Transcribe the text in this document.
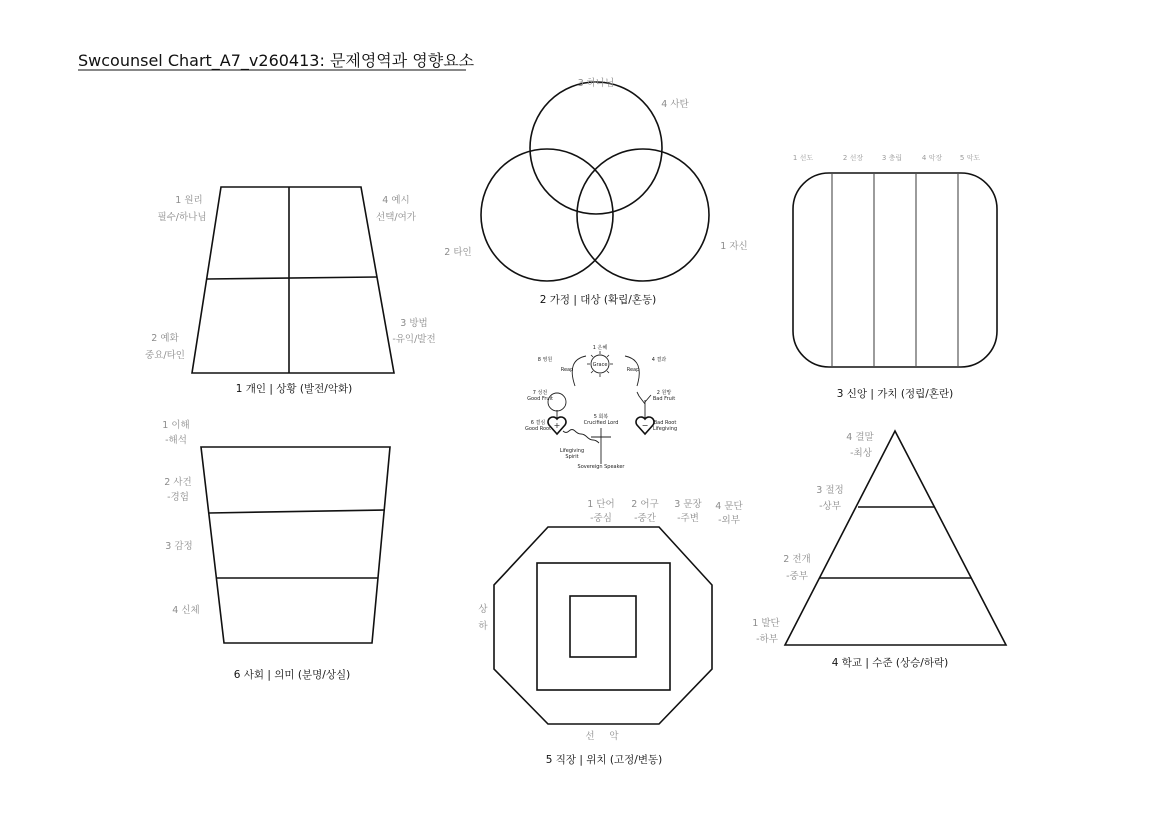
Swcounsel Chart_A7_v260413: 문제영역과 영향요소
1 원리
필수/하나님
4 예시
선택/여가
2 예화
중요/타인
3 방법
-유익/발전
1 개인 | 상황 (발전/악화)
3 하나님
4 사탄
2 타인
1 자신
2 가정 | 대상 (확립/혼동)
1 선도	2 선장	3 충립	4 악장	5 악도
3 신앙 | 가치 (정립/혼란)
1 은혜
Grace
8 영원
Reap
4 결과
Reap
7 성전
Good Fruit
2 원망
Bad Fruit
+	−
6 결심
Good Root
Bad Root
Lifegiving
5 회복
Crucified Lord
Lifegiving
Spirit
Sovereign Speaker
1 이해
-해석
2 사건
-경험
3 감정
4 신체
6 사회 | 의미 (분명/상실)
1 단어
-중심
2 어구
-중간
3 문장
-주변
4 문단
-외부
상
하
선 악
5 직장 | 위치 (고정/변동)
4 결말
-최상
3 절정
-상부
2 전개
-중부
1 발단
-하부
4 학교 | 수준 (상승/하락)
